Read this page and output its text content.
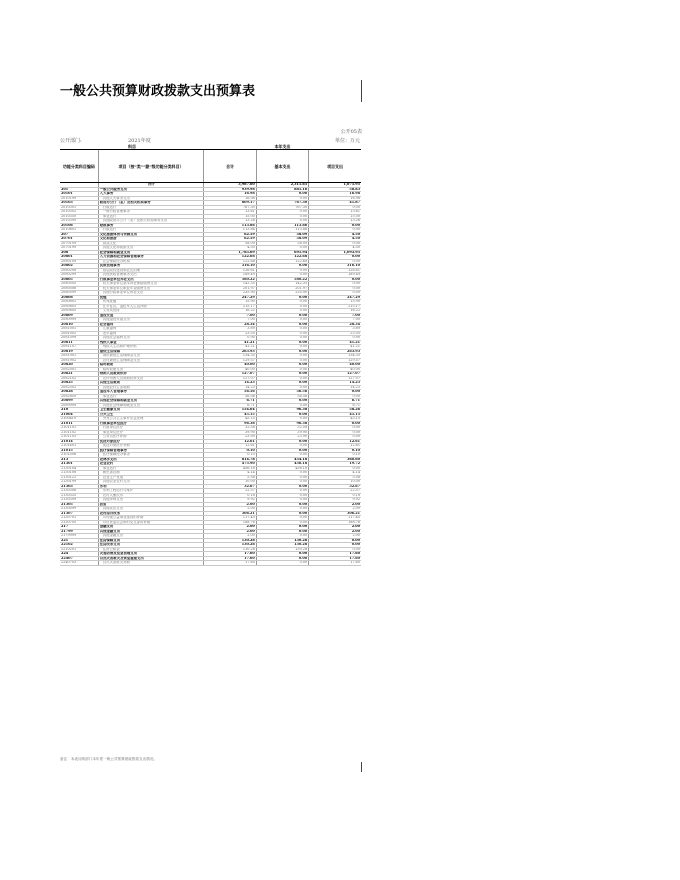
一般公共预算财政拨款支出预算表
公开05表
公开部门:	2021年度	单位：万元
科目		本年支出		
功能分类科目编码	项目（按“类”“款”级功能分类科目）	合计	基本支出	项目支出
	合计	3,987.60	2,311.65	1,675.95
201	一般公共服务支出	939.98	881.16	58.83
20101	人大事务	16.98	0.00	16.98
2010199	其他人大事务支出	16.98	0.00	16.98
20103	政府办公厅（室）及相关机构事务	809.17	767.30	41.87
2010301	行政运行	767.30	767.30	0.00
2010302	一般行政管理事务	13.61	0.00	13.61
2010350	事业运行	15.00	0.00	15.00
2010399	其他政府办公厅（室）及相关机构事务支出	13.26	0.00	13.26
20106	财政事务	113.86	113.86	0.00
2010601	行政运行	113.86	113.86	0.00
207	文化旅游体育与传媒支出	62.59	58.09	4.50
20701	文化和旅游	62.59	58.09	4.50
2070109	群众文化	58.09	58.09	0.00
2070199	其他文化和旅游支出	4.50	0.00	4.50
208	社会保障和就业支出	1,785.69	691.94	1,093.95
20801	人力资源和社会保障管理事务	122.68	122.68	0.00
2080109	社会保险经办机构	122.68	122.68	0.00
20802	民政管理事务	316.10	0.00	316.10
2080208	基层政权建设和社区治理	126.61	0.00	126.61
2080299	其他民政管理事务支出	189.49	0.00	189.49
20805	行政事业单位养老支出	580.22	580.22	0.00
2080505	机关事业单位基本养老保险缴费支出	142.35	142.35	0.00
2080506	机关事业单位职业年金缴费支出	201.97	201.97	0.00
2080599	其他行政事业单位养老支出	235.90	235.90	0.00
20808	抚恤	247.29	0.00	247.29
2080802	伤残抚恤	15.90	0.00	15.90
2080803	在乡复员、退伍军人生活补助	215.17	0.00	215.17
2080805	义务兵优待	16.22	0.00	16.22
20809	退役安置	7.00	0.00	7.00
2080999	其他退役安置支出	7.00	0.00	7.00
20810	社会福利	28.34	0.00	28.34
2081001	儿童福利	3.89	0.00	3.89
2081002	老年福利	23.55	0.00	23.55
2081099	其他社会福利支出	0.90	0.00	0.90
20811	残疾人事业	41.21	0.00	41.21
2081107	残疾人生活和护理补贴	41.21	0.00	41.21
20819	最低生活保障	263.93	0.00	263.93
2081901	城市最低生活保障金支出	134.35	0.00	134.35
2081902	农村最低生活保障金支出	129.57	0.00	129.57
20820	临时救助	40.00	0.00	40.00
2082001	临时救助支出	40.00	0.00	40.00
20821	特困人员救助供养	127.07	0.00	127.07
2082102	农村特困人员救助供养支出	127.07	0.00	127.07
20825	其他生活救助	14.23	0.00	14.23
2082502	其他农村生活救助	14.23	0.00	14.23
20828	退役军人管理事务	56.56	56.56	0.00
2082850	事业运行	56.56	56.56	0.00
20899	其他社会保障和就业支出	6.71	0.00	6.71
2089999	其他社会保障和就业支出	6.71	0.00	6.71
210	卫生健康支出	154.64	96.38	58.26
21004	公共卫生	45.15	0.00	45.15
2100410	突发公共卫生事件应急处理	45.15	0.00	45.15
21011	行政事业单位医疗	96.38	96.38	0.00
2101101	行政单位医疗	32.58	32.58	0.00
2101102	事业单位医疗	39.90	39.90	0.00
2101103	公务员医疗补助	23.90	23.90	0.00
21014	优抚对象医疗	12.61	0.00	12.61
2101401	优抚对象医疗补助	12.61	0.00	12.61
21015	医疗保障管理事务	0.10	0.00	0.10
2101506	医疗保障经办事务	0.10	0.00	0.10
213	农林水支出	814.78	454.18	360.60
21301	农业农村	475.90	456.18	19.72
2130104	事业运行	456.18	456.18	0.00
2130108	病虫害控制	4.14	0.00	4.14
2130122	农业生产发展	5.58	0.00	5.58
2130199	其他农业农村支出	10.00	0.00	10.00
21303	水利	32.67	0.00	32.67
2130306	水利工程运行与维护	22.57	0.00	22.57
2130335	农村人畜饮水	0.18	0.00	0.18
2130399	其他水利支出	9.92	0.00	9.92
21305	扶贫	2.00	0.00	2.00
2130599	其他扶贫支出	2.00	0.00	2.00
21307	农村综合改革	306.21	0.00	306.21
2130701	对村级公益事业建设的补助	117.45	0.00	117.45
2130705	对村民委员会和村党支部的补助	188.76	0.00	188.76
217	金融支出	2.00	0.00	2.00
21799	其他金融支出	2.00	0.00	2.00
2179999	其他金融支出	2.00	0.00	2.00
221	住房保障支出	130.28	130.28	0.00
22102	住房改革支出	130.28	130.28	0.00
2210201	住房公积金	130.28	130.28	0.00
224	灾害防治及应急管理支出	17.60	0.00	17.60
22407	自然灾害救灾及恢复重建支出	17.60	0.00	17.60
2240703	自然灾害救灾补助	17.60	0.00	17.60
备注：本表反映部门本年度一般公共预算财政拨款支出情况。
